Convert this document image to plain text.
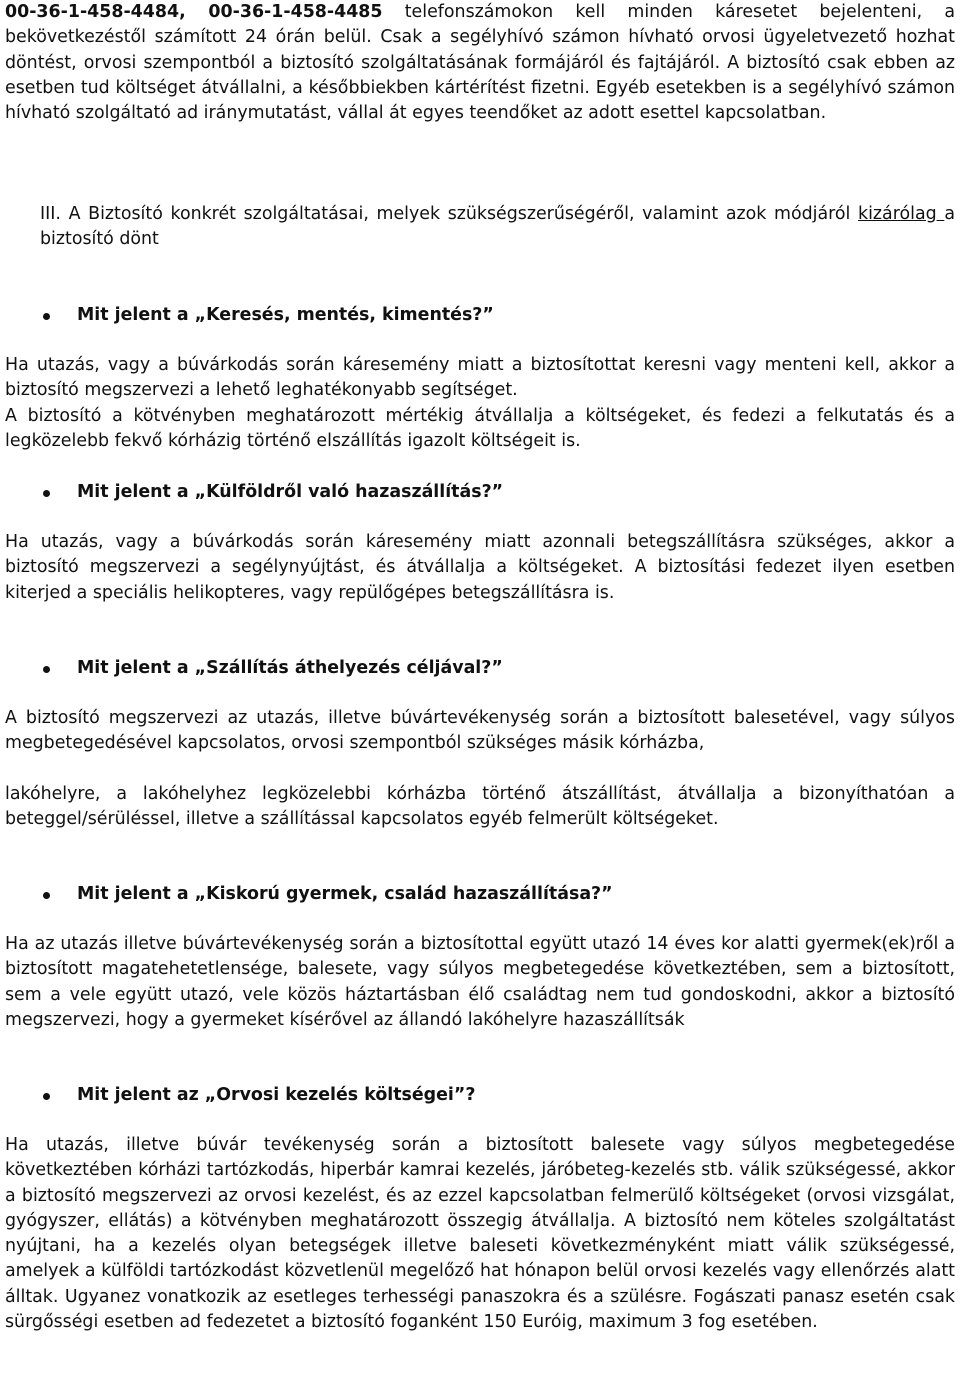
00-36-1-458-4484, 00-36-1-458-4485 telefonszámokon kell minden káresetet bejelenteni, a bekövetkezéstől számított 24 órán belül. Csak a segélyhívó számon hívható orvosi ügyeletvezető hozhat döntést, orvosi szempontból a biztosító szolgáltatásának formájáról és fajtájáról. A biztosító csak ebben az esetben tud költséget átvállalni, a későbbiekben kártérítést fizetni. Egyéb esetekben is a segélyhívó számon hívható szolgáltató ad iránymutatást, vállal át egyes teendőket az adott esettel kapcsolatban.

III. A Biztosító konkrét szolgáltatásai, melyek szükségszerűségéről, valamint azok módjáról kizárólag a biztosító dönt

Mit jelent a „Keresés, mentés, kimentés?”

Ha utazás, vagy a búvárkodás során káresemény miatt a biztosítottat keresni vagy menteni kell, akkor a biztosító megszervezi a lehető leghatékonyabb segítséget.

A biztosító a kötvényben meghatározott mértékig átvállalja a költségeket, és fedezi a felkutatás és a legközelebb fekvő kórházig történő elszállítás igazolt költségeit is.

Mit jelent a „Külföldről való hazaszállítás?”

Ha utazás, vagy a búvárkodás során káresemény miatt azonnali betegszállításra szükséges, akkor a biztosító megszervezi a segélynyújtást, és átvállalja a költségeket. A biztosítási fedezet ilyen esetben kiterjed a speciális helikopteres, vagy repülőgépes betegszállításra is.

Mit jelent a „Szállítás áthelyezés céljával?”

A biztosító megszervezi az utazás, illetve búvártevékenység során a biztosított balesetével, vagy súlyos megbetegedésével kapcsolatos, orvosi szempontból szükséges másik kórházba,

lakóhelyre, a lakóhelyhez legközelebbi kórházba történő átszállítást, átvállalja a bizonyíthatóan a beteggel/sérüléssel, illetve a szállítással kapcsolatos egyéb felmerült költségeket.

Mit jelent a „Kiskorú gyermek, család hazaszállítása?”

Ha az utazás illetve búvártevékenység során a biztosítottal együtt utazó 14 éves kor alatti gyermek(ek)ről a biztosított magatehetetlensége, balesete, vagy súlyos megbetegedése következtében, sem a biztosított, sem a vele együtt utazó, vele közös háztartásban élő családtag nem tud gondoskodni, akkor a biztosító megszervezi, hogy a gyermeket kísérővel az állandó lakóhelyre hazaszállítsák

Mit jelent az „Orvosi kezelés költségei”?

Ha utazás, illetve búvár tevékenység során a biztosított balesete vagy súlyos megbetegedése következtében kórházi tartózkodás, hiperbár kamrai kezelés, járóbeteg-kezelés stb. válik szükségessé, akkor a biztosító megszervezi az orvosi kezelést, és az ezzel kapcsolatban felmerülő költségeket (orvosi vizsgálat, gyógyszer, ellátás) a kötvényben meghatározott összegig átvállalja. A biztosító nem köteles szolgáltatást nyújtani, ha a kezelés olyan betegségek illetve baleseti következményként miatt válik szükségessé, amelyek a külföldi tartózkodást közvetlenül megelőző hat hónapon belül orvosi kezelés vagy ellenőrzés alatt álltak. Ugyanez vonatkozik az esetleges terhességi panaszokra és a szülésre. Fogászati panasz esetén csak sürgősségi esetben ad fedezetet a biztosító foganként 150 Euróig, maximum 3 fog esetében.
